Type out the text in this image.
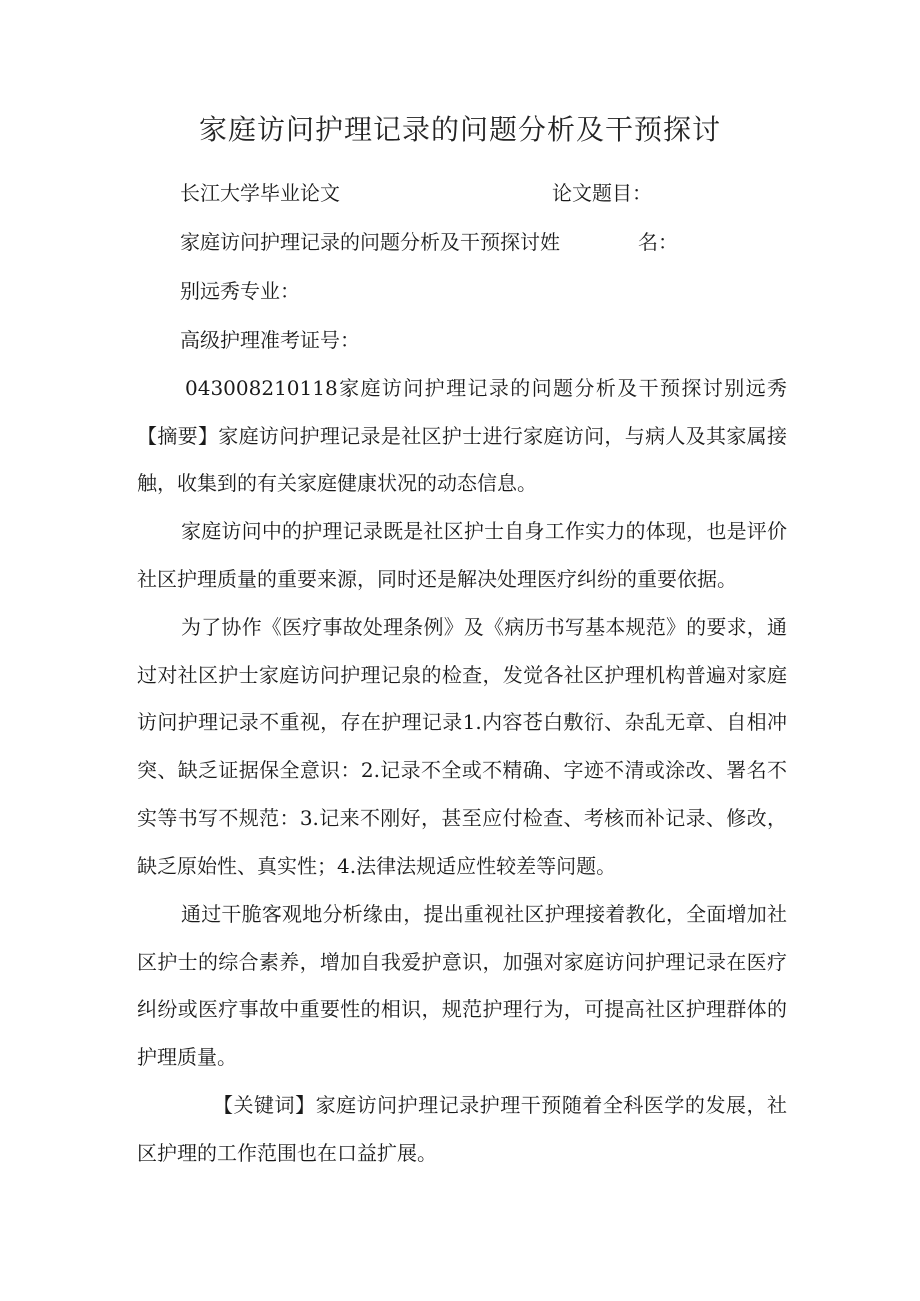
家庭访问护理记录的问题分析及干预探讨
长江大学毕业论文	论文题目：
家庭访问护理记录的问题分析及干预探讨姓	名：
别远秀专业：
高级护理准考证号：
043008210118家庭访问护理记录的问题分析及干预探讨别远秀【摘要】家庭访问护理记录是社区护士进行家庭访问，与病人及其家属接触，收集到的有关家庭健康状况的动态信息。
家庭访问中的护理记录既是社区护士自身工作实力的体现，也是评价社区护理质量的重要来源，同时还是解决处理医疗纠纷的重要依据。
为了协作《医疗事故处理条例》及《病历书写基本规范》的要求，通过对社区护士家庭访问护理记泉的检查，发觉各社区护理机构普遍对家庭访问护理记录不重视，存在护理记录1.内容苍白敷衍、杂乱无章、自相冲突、缺乏证据保全意识：2.记录不全或不精确、字迹不清或涂改、署名不实等书写不规范：3.记来不刚好，甚至应付检查、考核而补记录、修改，缺乏原始性、真实性；4.法律法规适应性较差等问题。
通过干脆客观地分析缘由，提出重视社区护理接着教化，全面增加社区护士的综合素养，增加自我爱护意识，加强对家庭访问护理记录在医疗纠纷或医疗事故中重要性的相识，规范护理行为，可提高社区护理群体的护理质量。
【关键词】家庭访问护理记录护理干预随着全科医学的发展，社区护理的工作范围也在口益扩展。
